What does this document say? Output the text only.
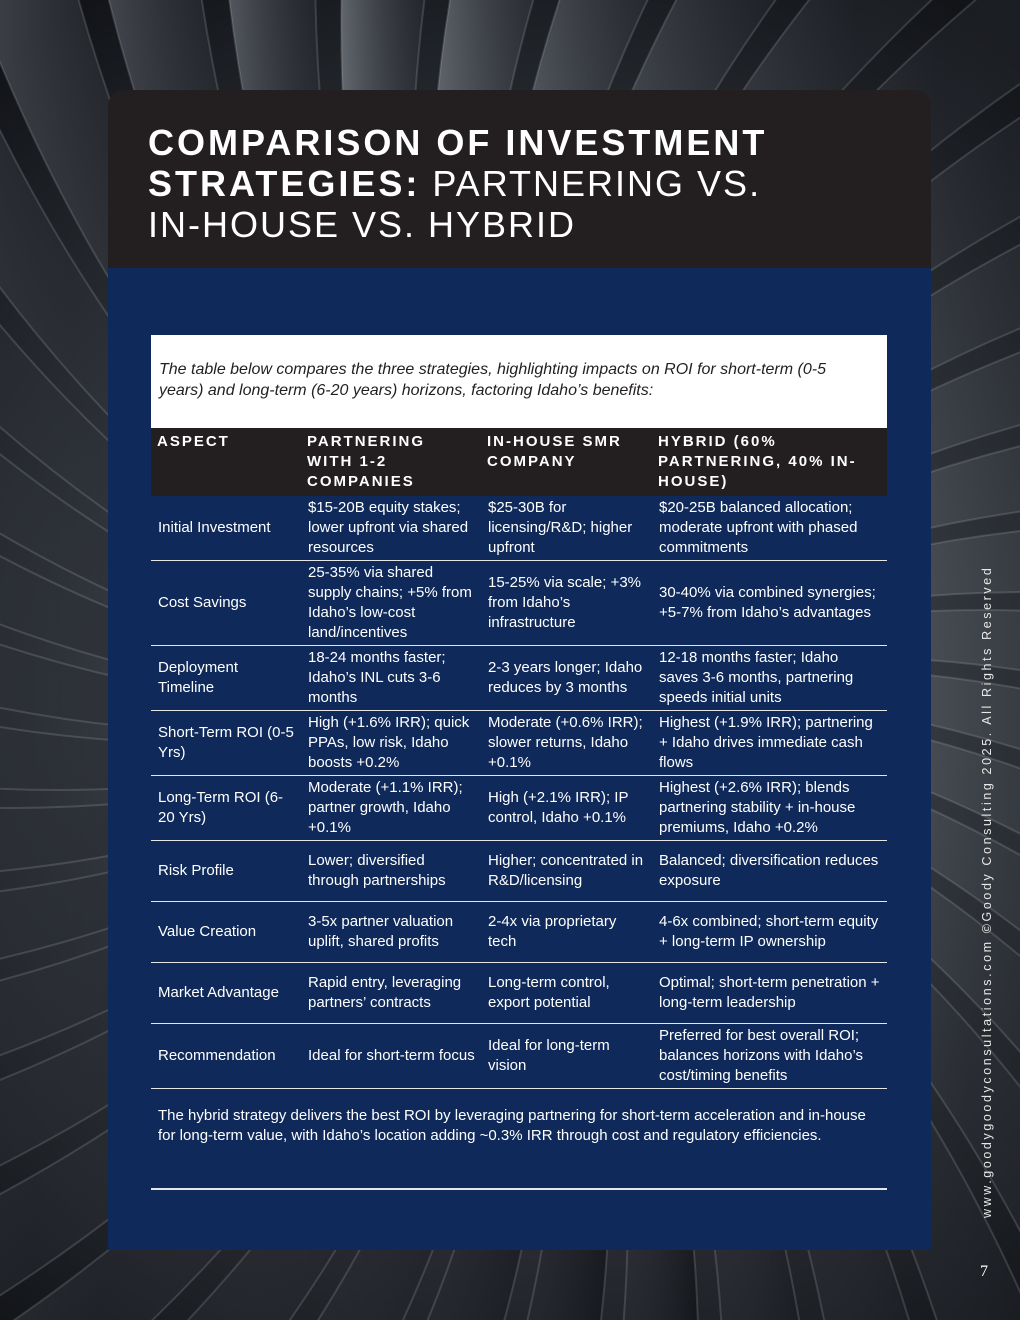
COMPARISON OF INVESTMENT
STRATEGIES: PARTNERING VS.
IN-HOUSE VS. HYBRID

The table below compares the three strategies, highlighting impacts on ROI for short-term (0-5 years) and long-term (6-20 years) horizons, factoring Idaho’s benefits:

ASPECT	PARTNERING WITH 1-2 COMPANIES	IN-HOUSE SMR COMPANY	HYBRID (60% PARTNERING, 40% IN-HOUSE)
Initial Investment	$15-20B equity stakes; lower upfront via shared resources	$25-30B for licensing/R&D; higher upfront	$20-25B balanced allocation; moderate upfront with phased commitments
Cost Savings	25-35% via shared supply chains; +5% from Idaho’s low-cost land/incentives	15-25% via scale; +3% from Idaho’s infrastructure	30-40% via combined synergies; +5-7% from Idaho’s advantages
Deployment Timeline	18-24 months faster; Idaho’s INL cuts 3-6 months	2-3 years longer; Idaho reduces by 3 months	12-18 months faster; Idaho saves 3-6 months, partnering speeds initial units
Short-Term ROI (0-5 Yrs)	High (+1.6% IRR); quick PPAs, low risk, Idaho boosts +0.2%	Moderate (+0.6% IRR); slower returns, Idaho +0.1%	Highest (+1.9% IRR); partnering + Idaho drives immediate cash flows
Long-Term ROI (6-20 Yrs)	Moderate (+1.1% IRR); partner growth, Idaho +0.1%	High (+2.1% IRR); IP control, Idaho +0.1%	Highest (+2.6% IRR); blends partnering stability + in-house premiums, Idaho +0.2%
Risk Profile	Lower; diversified through partnerships	Higher; concentrated in R&D/licensing	Balanced; diversification reduces exposure
Value Creation	3-5x partner valuation uplift, shared profits	2-4x via proprietary tech	4-6x combined; short-term equity + long-term IP ownership
Market Advantage	Rapid entry, leveraging partners’ contracts	Long-term control, export potential	Optimal; short-term penetration + long-term leadership
Recommendation	Ideal for short-term focus	Ideal for long-term vision	Preferred for best overall ROI; balances horizons with Idaho’s cost/timing benefits

The hybrid strategy delivers the best ROI by leveraging partnering for short-term acceleration and in-house for long-term value, with Idaho’s location adding ~0.3% IRR through cost and regulatory efficiencies.	www.goodygoodyconsultations.com ©Goody Consulting 2025. All Rights Reserved
7
